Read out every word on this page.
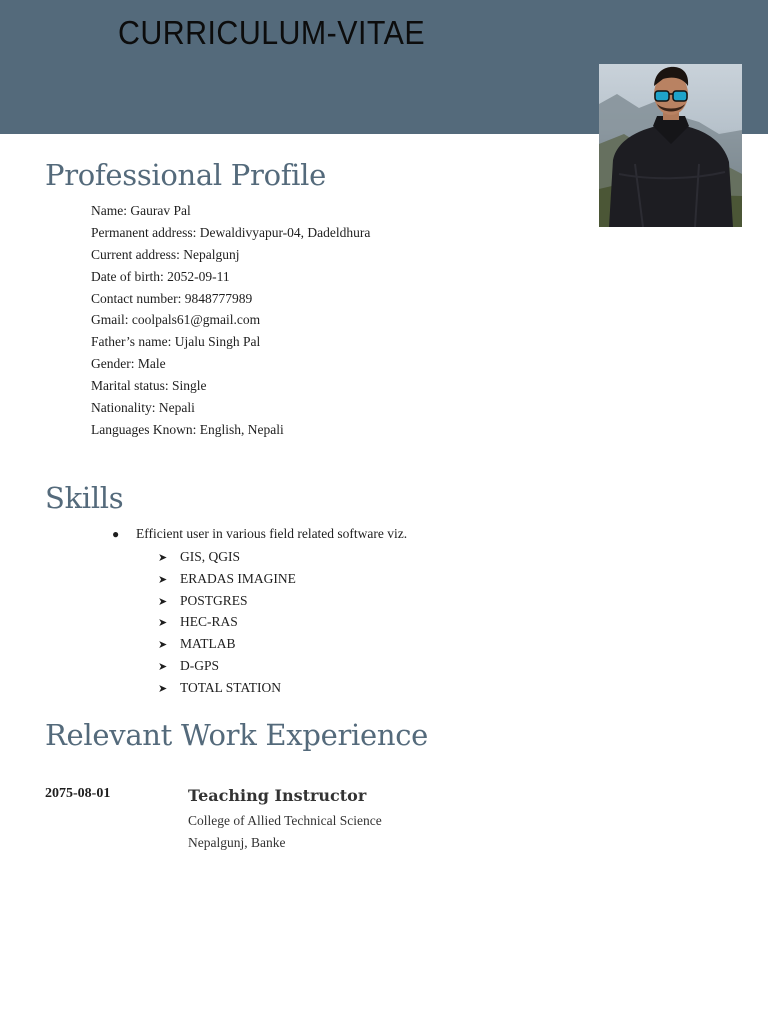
CURRICULUM-VITAE
Professional Profile
Name: Gaurav Pal
Permanent address: Dewaldivyapur-04, Dadeldhura
Current address: Nepalgunj
Date of birth: 2052-09-11
Contact number: 9848777989
Gmail: coolpals61@gmail.com
Father’s name: Ujalu Singh Pal
Gender: Male
Marital status: Single
Nationality: Nepali
Languages Known: English, Nepali
Skills
● Efficient user in various field related software viz.
➤ GIS, QGIS
➤ ERADAS IMAGINE
➤ POSTGRES
➤ HEC-RAS
➤ MATLAB
➤ D-GPS
➤ TOTAL STATION
Relevant Work Experience
2075-08-01	Teaching Instructor
College of Allied Technical Science
Nepalgunj, Banke
